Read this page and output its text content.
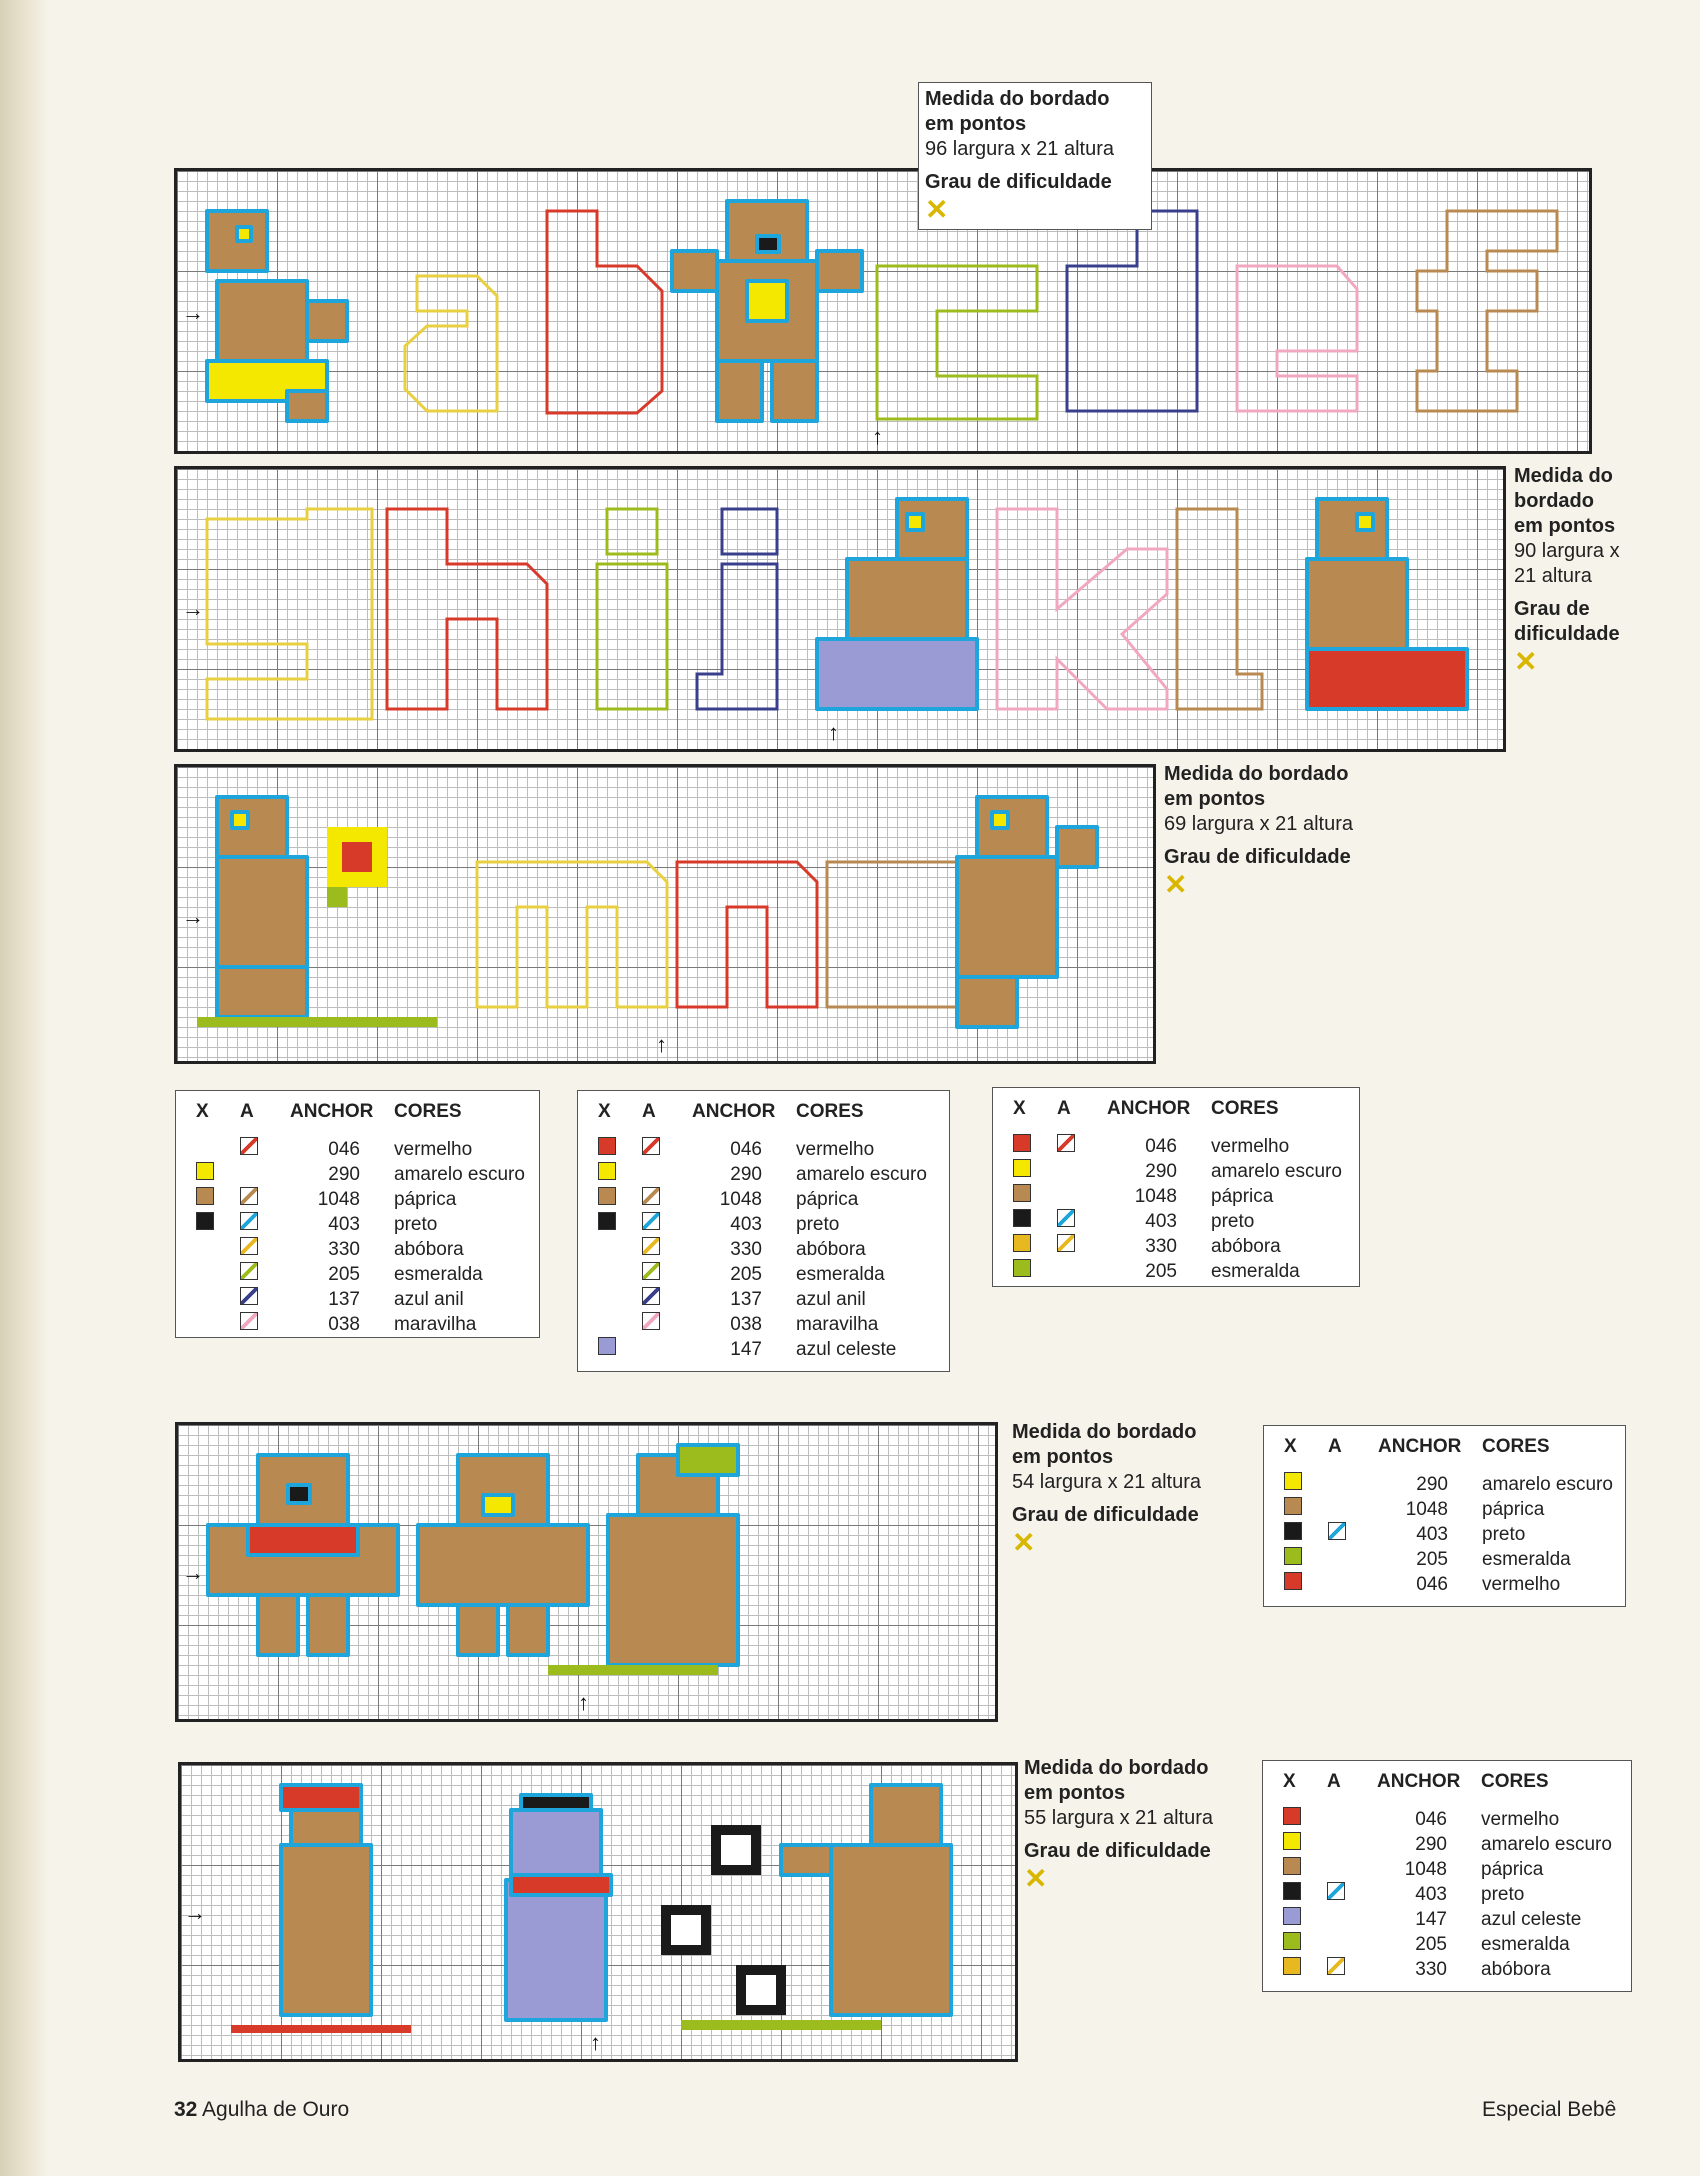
→
↑
Medida do bordado
em pontos
96 largura x 21 altura
Grau de dificuldade
✕
→
↑
Medida do
bordado
em pontos
90 largura x
21 altura
Grau de
dificuldade
✕
→
↑
Medida do bordado
em pontos
69 largura x 21 altura
Grau de dificuldade
✕
X A ANCHOR CORES
046 vermelho
290 amarelo escuro
1048 páprica
403 preto
330 abóbora
205 esmeralda
137 azul anil
038 maravilha
X A ANCHOR CORES
046 vermelho
290 amarelo escuro
1048 páprica
403 preto
330 abóbora
205 esmeralda
137 azul anil
038 maravilha
147 azul celeste
X A ANCHOR CORES
046 vermelho
290 amarelo escuro
1048 páprica
403 preto
330 abóbora
205 esmeralda
→
↑
Medida do bordado
em pontos
54 largura x 21 altura
Grau de dificuldade
✕
X A ANCHOR CORES
290 amarelo escuro
1048 páprica
403 preto
205 esmeralda
046 vermelho
→
↑
Medida do bordado
em pontos
55 largura x 21 altura
Grau de dificuldade
✕
X A ANCHOR CORES
046 vermelho
290 amarelo escuro
1048 páprica
403 preto
147 azul celeste
205 esmeralda
330 abóbora
32 Agulha de Ouro	Especial Bebê
